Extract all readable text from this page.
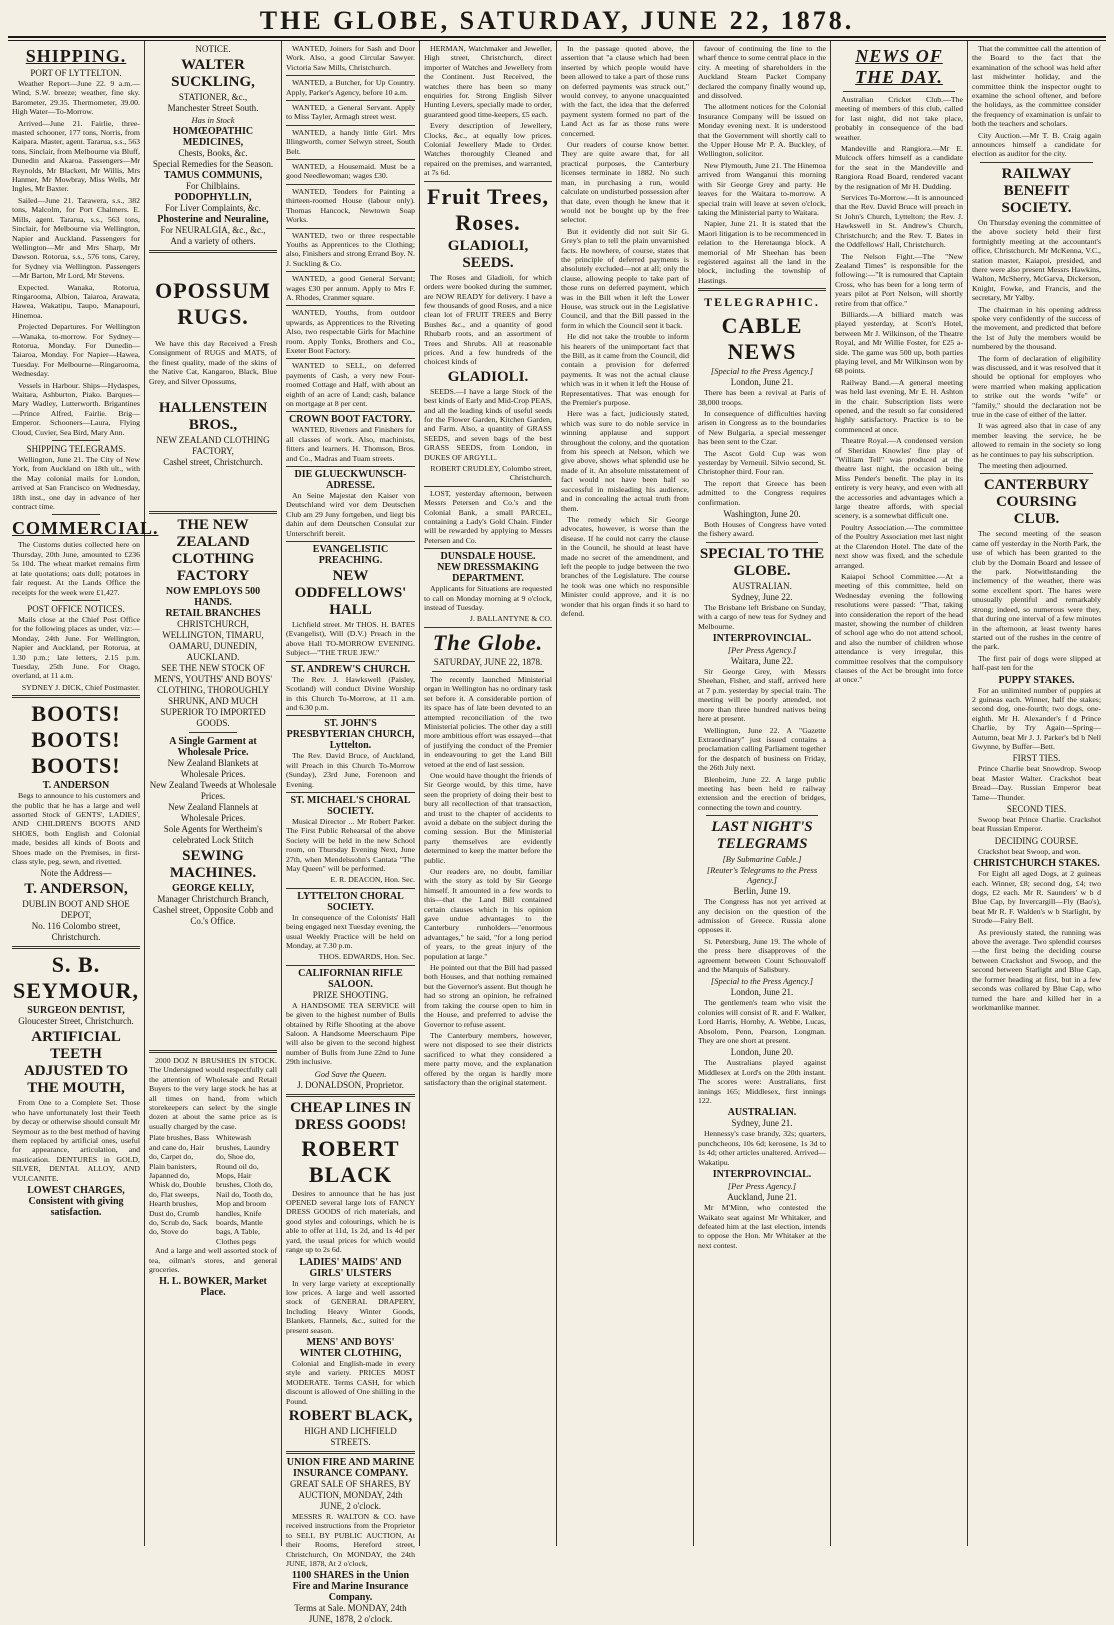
THE GLOBE, SATURDAY, JUNE 22, 1878.
SHIPPING.
PORT OF LYTTELTON.

Weather Report—June 22. 9 a.m.—Wind, S.W. breeze; weather, fine sky. Barometer, 29.35. Thermometer, 39.00. High Water—To-Morrow.

Arrived—June 21. Fairlie, three-masted schooner, 177 tons, Norris, from Kaipara. Master, agent. Tararua, s.s., 563 tons, Sinclair, from Melbourne via Bluff, Dunedin and Akaroa. Passengers—Mr Reynolds, Mr Blackett, Mr Willis, Mrs Hanmer, Mr Mowbray, Miss Wells, Mr Ingles, Mr Baxter.

Sailed—June 21. Tarawera, s.s., 382 tons, Malcolm, for Port Chalmers. E. Mills, agent. Tararua, s.s., 563 tons, Sinclair, for Melbourne via Wellington, Napier and Auckland. Passengers for Wellington—Mr and Mrs Sharp, Mr Dawson. Rotorua, s.s., 576 tons, Carey, for Sydney via Wellington. Passengers—Mr Barton, Mr Lord, Mr Stevens.

Expected. Wanaka, Rotorua, Ringarooma, Albion, Taiaroa, Arawata, Hawea, Wakatipu, Taupo, Manapouri, Hinemoa.

Projected Departures. For Wellington—Wanaka, to-morrow. For Sydney—Rotorua, Monday. For Dunedin—Taiaroa, Monday. For Napier—Hawea, Tuesday. For Melbourne—Ringarooma, Wednesday.

Vessels in Harbour. Ships—Hydaspes, Waitara, Ashburton, Piako. Barques—Mary Wadley, Lutterworth. Brigantines—Prince Alfred, Fairlie. Brig—Emperor. Schooners—Laura, Flying Cloud, Cuvier, Sea Bird, Mary Ann.

SHIPPING TELEGRAMS.

Wellington, June 21. The City of New York, from Auckland on 18th ult., with the May colonial mails for London, arrived at San Francisco on Wednesday, 18th inst., one day in advance of her contract time.

COMMERCIAL.

The Customs duties collected here on Thursday, 20th June, amounted to £236 5s 10d. The wheat market remains firm at late quotations; oats dull; potatoes in fair request. At the Lands Office the receipts for the week were £1,427.

POST OFFICE NOTICES.

Mails close at the Chief Post Office for the following places as under, viz:— Monday, 24th June. For Wellington, Napier and Auckland, per Rotorua, at 1.30 p.m.; late letters, 2.15 p.m. Tuesday, 25th June. For Otago, overland, at 11 a.m.

SYDNEY J. DICK, Chief Postmaster.

BOOTS! BOOTS! BOOTS!
T. ANDERSON

Begs to announce to his customers and the public that he has a large and well assorted Stock of GENTS', LADIES', AND CHILDREN'S BOOTS AND SHOES, both English and Colonial made, besides all kinds of Boots and Shoes made on the Premises, in first-class style, peg, sewn, and rivetted.

Note the Address—
T. ANDERSON,
DUBLIN BOOT AND SHOE DEPOT,
No. 116 Colombo street, Christchurch.
S. B. SEYMOUR,
SURGEON DENTIST,
Gloucester Street, Christchurch.
ARTIFICIAL TEETH ADJUSTED TO THE MOUTH,

From One to a Complete Set. Those who have unfortunately lost their Teeth by decay or otherwise should consult Mr Seymour as to the best method of having them replaced by artificial ones, useful for appearance, articulation, and mastication. DENTURES in GOLD, SILVER, DENTAL ALLOY, AND VULCANITE.

LOWEST CHARGES, Consistent with giving satisfaction.
NOTICE.
WALTER SUCKLING,
STATIONER, &c.,
Manchester Street South.
Has in Stock
HOMŒOPATHIC MEDICINES,
Chests, Books, &c.
Special Remedies for the Season.
TAMUS COMMUNIS,
For Chilblains.
PODOPHYLLIN,
For Liver Complaints, &c.
Phosterine and Neuraline,
For NEURALGIA, &c., &c.,
And a variety of others.
OPOSSUM RUGS.

We have this day Received a Fresh Consignment of RUGS and MATS, of the finest quality, made of the skins of the Native Cat, Kangaroo, Black, Blue Grey, and Silver Opossums,

HALLENSTEIN BROS.,
NEW ZEALAND CLOTHING FACTORY,
Cashel street, Christchurch.
THE NEW ZEALAND CLOTHING FACTORY
NOW EMPLOYS 500 HANDS.
RETAIL BRANCHES
CHRISTCHURCH, WELLINGTON, TIMARU, OAMARU, DUNEDIN, AUCKLAND.
SEE THE NEW STOCK OF MEN'S, YOUTHS' AND BOYS' CLOTHING, THOROUGHLY SHRUNK, AND MUCH SUPERIOR TO IMPORTED GOODS.
A Single Garment at Wholesale Price.
New Zealand Blankets at Wholesale Prices.
New Zealand Tweeds at Wholesale Prices.
New Zealand Flannels at Wholesale Prices.
Sole Agents for Wertheim's celebrated Lock Stitch
SEWING MACHINES.
GEORGE KELLY,
Manager Christchurch Branch,
Cashel street, Opposite Cobb and Co.'s Office.

2000 DOZ N BRUSHES IN STOCK. The Undersigned would respectfully call the attention of Wholesale and Retail Buyers to the very large stock he has at all times on hand, from which storekeepers can select by the single dozen at about the same price as is usually charged by the case.

Plate brushes, Bass and cane do, Hair do, Carpet do, Plain banisters, Japanned do, Whisk do, Double do, Flat sweeps, Hearth brushes, Dust do, Crumb do, Scrub do, Sack do, Stove do
Whitewash brushes, Laundry do, Shoe do, Round oil do, Mops, Hair brushes, Cloth do, Nail do, Tooth do, Mop and broom handles, Knife boards, Mantle bags, A Table, Clothes pegs

And a large and well assorted stock of tea, oilman's stores, and general groceries.

H. L. BOWKER, Market Place.

WANTED, Joiners for Sash and Door Work. Also, a good Circular Sawyer. Victoria Saw Mills, Christchurch.

WANTED, a Butcher, for Up Country. Apply, Parker's Agency, before 10 a.m.

WANTED, a General Servant. Apply to Miss Tayler, Armagh street west.

WANTED, a handy little Girl. Mrs Illingworth, corner Selwyn street, South Belt.

WANTED, a Housemaid. Must be a good Needlewoman; wages £30.

WANTED, Tenders for Painting a thirteen-roomed House (labour only). Thomas Hancock, Newtown Soap Works.

WANTED, two or three respectable Youths as Apprentices to the Clothing; also, Finishers and strong Errand Boy. N. J. Suckling & Co.

WANTED, a good General Servant; wages £30 per annum. Apply to Mrs F. A. Rhodes, Cranmer square.

WANTED, Youths, from outdoor upwards, as Apprentices to the Riveting Also, two respectable Girls for Machine room. Apply Tonks, Brothers and Co., Exeter Boot Factory.

WANTED to SELL, on deferred payments of Cash, a very new Four-roomed Cottage and Half, with about an eighth of an acre of Land; cash, balance on mortgage at 8 per cent.

CROWN BOOT FACTORY.

WANTED, Rivetters and Finishers for all classes of work. Also, machinists, fitters and learners. H. Thomson, Bros. and Co., Madras and Tuam streets.

DIE GLUECKWUNSCH-ADRESSE.

An Seine Majestat den Kaiser von Deutschland wird vor dem Deutschen Club am 29 Juny fortgeben, und liegt bis dahin auf dem Deutschen Consulat zur Unterschrift bereit.

EVANGELISTIC PREACHING.
NEW ODDFELLOWS' HALL

Lichfield street. Mr THOS. H. BATES (Evangelist), Will (D.V.) Preach in the above Hall TO-MORROW EVENING. Subject—"THE TRUE JEW."

ST. ANDREW'S CHURCH.

The Rev. J. Hawkswell (Paisley, Scotland) will conduct Divine Worship in this Church To-Morrow, at 11 a.m. and 6.30 p.m.

ST. JOHN'S PRESBYTERIAN CHURCH, Lyttelton.

The Rev. David Bruce, of Auckland, will Preach in this Church To-Morrow (Sunday), 23rd June, Forenoon and Evening.

ST. MICHAEL'S CHORAL SOCIETY.

Musical Director ... Mr Robert Parker. The First Public Rehearsal of the above Society will be held in the new School room, on Thursday Evening Next, June 27th, when Mendelssohn's Cantata "The May Queen" will be performed.

E. R. DEACON, Hon. Sec.

LYTTELTON CHORAL SOCIETY.

In consequence of the Colonists' Hall being engaged next Tuesday evening, the usual Weekly Practice will be held on Monday, at 7.30 p.m.

THOS. EDWARDS, Hon. Sec.

CALIFORNIAN RIFLE SALOON.
PRIZE SHOOTING.

A HANDSOME TEA SERVICE will be given to the highest number of Bulls obtained by Rifle Shooting at the above Saloon. A Handsome Meerschaum Pipe will also be given to the second highest number of Bulls from June 22nd to June 29th inclusive.

God Save the Queen.
J. DONALDSON, Proprietor.
CHEAP LINES IN DRESS GOODS!
ROBERT BLACK

Desires to announce that he has just OPENED several large lots of FANCY DRESS GOODS of rich materials, and good styles and colourings, which he is able to offer at 11d, 1s 2d, and 1s 4d per yard, the usual prices for which would range up to 2s 6d.

LADIES' MAIDS' AND GIRLS' ULSTERS

In very large variety at exceptionally low prices. A large and well assorted stock of GENERAL DRAPERY, Including Heavy Winter Goods, Blankets, Flannels, &c., suited for the present season.

MENS' AND BOYS' WINTER CLOTHING,

Colonial and English-made in every style and variety. PRICES MOST MODERATE. Terms CASH, for which discount is allowed of One shilling in the Pound.

ROBERT BLACK,
HIGH AND LICHFIELD STREETS.
UNION FIRE AND MARINE INSURANCE COMPANY.
GREAT SALE OF SHARES, BY AUCTION, MONDAY, 24th JUNE, 2 o'clock.

MESSRS R. WALTON & CO. have received instructions from the Proprietor to SELL BY PUBLIC AUCTION, At their Rooms, Hereford street, Christchurch, On MONDAY, the 24th JUNE, 1878, At 2 o'clock,

1100 SHARES in the Union Fire and Marine Insurance Company.
Terms at Sale. MONDAY, 24th JUNE, 1878, 2 o'clock.

HERMAN, Watchmaker and Jeweller, High street, Christchurch, direct importer of Watches and Jewellery from the Continent. Just Received, the watches there has been so many enquiries for. Strong English Silver Hunting Levers, specially made to order, guaranteed good time-keepers, £5 each.

Every description of Jewellery, Clocks, &c., at equally low prices. Colonial Jewellery Made to Order. Watches thoroughly Cleaned and repaired on the premises, and warranted, at 7s 6d.

Fruit Trees, Roses.
GLADIOLI, SEEDS.

The Roses and Gladioli, for which orders were booked during the summer, are NOW READY for delivery. I have a few thousands of good Roses, and a nice clean lot of FRUIT TREES and Berry Bushes &c., and a quantity of good Rhubarb roots, and an assortment of Trees and Shrubs. All at reasonable prices. And a few hundreds of the choicest kinds of

GLADIOLI.

SEEDS.—I have a large Stock of the best kinds of Early and Mid-Crop PEAS, and all the leading kinds of useful seeds for the Flower Garden, Kitchen Garden, and Farm. Also, a quantity of GRASS SEEDS, and seven bags of the best GRASS SEEDS, from London, in DUKES OF ARGYLL.

ROBERT CRUDLEY, Colombo street, Christchurch.

LOST, yesterday afternoon, between Messrs Petersen and Co.'s and the Colonial Bank, a small PARCEL, containing a Lady's Gold Chain. Finder will be rewarded by applying to Messrs Petersen and Co.

DUNSDALE HOUSE.
NEW DRESSMAKING DEPARTMENT.

Applicants for Situations are requested to call on Monday morning at 9 o'clock, instead of Tuesday.

J. BALLANTYNE & CO.

The Globe.
SATURDAY, JUNE 22, 1878.

The recently launched Ministerial organ in Wellington has no ordinary task set before it. A considerable portion of its space has of late been devoted to an attempted reconciliation of the two Ministerial policies. The other day a still more ambitious effort was essayed—that of justifying the conduct of the Premier in endeavouring to get the Land Bill vetoed at the end of last session.

One would have thought the friends of Sir George would, by this time, have seen the propriety of doing their best to bury all recollection of that transaction, and trust to the chapter of accidents to avoid a debate on the subject during the coming session. But the Ministerial party themselves are evidently determined to keep the matter before the public.

Our readers are, no doubt, familiar with the story as told by Sir George himself. It amounted in a few words to this—that the Land Bill contained certain clauses which in his opinion gave undue advantages to the Canterbury runholders—"enormous advantages," he said, "for a long period of years, to the great injury of the population at large."

He pointed out that the Bill had passed both Houses, and that nothing remained but the Governor's assent. But though he had so strong an opinion, he refrained from taking the course open to him in the House, and preferred to advise the Governor to refuse assent.

The Canterbury members, however, were not disposed to see their districts sacrificed to what they considered a mere party move, and the explanation offered by the organ is hardly more satisfactory than the original statement.

In the passage quoted above, the assertion that "a clause which had been inserted by which people would have been allowed to take a part of those runs on deferred payments was struck out," would convey, to anyone unacquainted with the fact, the idea that the deferred payment system formed no part of the Land Act as far as those runs were concerned.

Our readers of course know better. They are quite aware that, for all practical purposes, the Canterbury licenses terminate in 1882. No such man, in purchasing a run, would calculate on undisturbed possession after that date, even though he knew that it would not be bought up by the free selector.

But it evidently did not suit Sir G. Grey's plan to tell the plain unvarnished facts. He nowhere, of course, states that the principle of deferred payments is absolutely excluded—not at all; only the clause, allowing people to take part of those runs on deferred payment, which was in the Bill when it left the Lower House, was struck out in the Legislative Council, and that the Bill passed in the form in which the Council sent it back.

He did not take the trouble to inform his hearers of the unimportant fact that the Bill, as it came from the Council, did contain a provision for deferred payments. It was not the actual clause which was in it when it left the House of Representatives. That was enough for the Premier's purpose.

Here was a fact, judiciously stated, which was sure to do noble service in winning applause and support throughout the colony, and the quotation from his speech at Nelson, which we give above, shows what splendid use he made of it. An absolute misstatement of fact would not have been half so successful in misleading his audience, and in concealing the actual truth from them.

The remedy which Sir George advocates, however, is worse than the disease. If he could not carry the clause in the Council, he should at least have made no secret of the amendment, and left the people to judge between the two branches of the Legislature. The course he took was one which no responsible Minister could approve, and it is no wonder that his organ finds it so hard to defend.

favour of continuing the line to the wharf thence to some central place in the city. A meeting of shareholders in the Auckland Steam Packet Company declared the company finally wound up, and dissolved.

The allotment notices for the Colonial Insurance Company will be issued on Monday evening next. It is understood that the Government will shortly call to the Upper House Mr P. A. Buckley, of Wellington, solicitor.

New Plymouth, June 21. The Hinemoa arrived from Wanganui this morning with Sir George Grey and party. He leaves for the Waitara to-morrow. A special train will leave at seven o'clock, taking the Ministerial party to Waitara.

Napier, June 21. It is stated that the Maori litigation is to be recommenced in relation to the Heretaunga block. A memorial of Mr Sheehan has been registered against all the land in the block, including the township of Hastings.

TELEGRAPHIC.
CABLE NEWS
[Special to the Press Agency.]
London, June 21.

There has been a revival at Paris of 38,000 troops.

In consequence of difficulties having arisen in Congress as to the boundaries of New Bulgaria, a special messenger has been sent to the Czar.

The Ascot Gold Cup was won yesterday by Verneuil. Silvio second, St. Christopher third. Four ran.

The report that Greece has been admitted to the Congress requires confirmation.

Washington, June 20.

Both Houses of Congress have voted the fishery award.

SPECIAL TO THE GLOBE.
AUSTRALIAN.
Sydney, June 22.

The Brisbane left Brisbane on Sunday, with a cargo of new teas for Sydney and Melbourne.

INTERPROVINCIAL.
[Per Press Agency.]
Waitara, June 22.

Sir George Grey, with Messrs Sheehan, Fisher, and staff, arrived here at 7 p.m. yesterday by special train. The meeting will be poorly attended, not more than three hundred natives being here at present.

Wellington, June 22. A "Gazette Extraordinary" just issued contains a proclamation calling Parliament together for the despatch of business on Friday, the 26th July next.

Blenheim, June 22. A large public meeting has been held re railway extension and the erection of bridges, connecting the town and country.

LAST NIGHT'S TELEGRAMS
[By Submarine Cable.]
[Reuter's Telegrams to the Press Agency.]
Berlin, June 19.

The Congress has not yet arrived at any decision on the question of the admission of Greece. Russia alone opposes it.

St. Petersburg, June 19. The whole of the press here disapproves of the agreement between Count Schouvaloff and the Marquis of Salisbury.

[Special to the Press Agency.]
London, June 21.

The gentlemen's team who visit the colonies will consist of R. and F. Walker, Lord Harris, Hornby, A. Webbe, Lucas, Absolom, Penn, Pearson, Longman. They are one short at present.

London, June 20.

The Australians played against Middlesex at Lord's on the 20th instant. The scores were: Australians, first innings 165; Middlesex, first innings 122.

AUSTRALIAN.
Sydney, June 21.

Hennessy's case brandy, 32s; quarters, punchcheons, 10s 6d; kerosene, 1s 3d to 1s 4d; other articles unaltered. Arrived—Wakatipu.

INTERPROVINCIAL.
[Per Press Agency.]
Auckland, June 21.

Mr M'Minn, who contested the Waikato seat against Mr Whitaker, and defeated him at the last election, intends to oppose the Hon. Mr Whitaker at the next contest.

NEWS OF THE DAY.

Australian Cricket Club.—The meeting of members of this club, called for last night, did not take place, probably in consequence of the bad weather.

Mandeville and Rangiora.—Mr E. Mulcock offers himself as a candidate for the seat in the Mandeville and Rangiora Road Board, rendered vacant by the resignation of Mr H. Dudding.

Services To-Morrow.—It is announced that the Rev. David Bruce will preach in St John's Church, Lyttelton; the Rev. J. Hawkswell in St. Andrew's Church, Christchurch; and the Rev. T. Bates in the Oddfellows' Hall, Christchurch.

The Nelson Fight.—The "New Zealand Times" is responsible for the following:—"It is rumoured that Captain Cross, who has been for a long term of years pilot at Port Nelson, will shortly retire from that office."

Billiards.—A billiard match was played yesterday, at Scott's Hotel, between Mr J. Wilkinson, of the Theatre Royal, and Mr Willie Foster, for £25 a-side. The game was 500 up, both parties playing level, and Mr Wilkinson won by 68 points.

Railway Band.—A general meeting was held last evening, Mr E. H. Ashton in the chair. Subscription lists were opened, and the result so far considered highly satisfactory. Practice is to be commenced at once.

Theatre Royal.—A condensed version of Sheridan Knowles' fine play of "William Tell" was produced at the theatre last night, the occasion being Miss Pender's benefit. The play in its entirety is very heavy, and even with all the accessories and advantages which a large theatre affords, with special scenery, is a somewhat difficult one.

Poultry Association.—The committee of the Poultry Association met last night at the Clarendon Hotel. The date of the next show was fixed, and the schedule arranged.

Kaiapoi School Committee.—At a meeting of this committee, held on Wednesday evening the following resolutions were passed: "That, taking into consideration the report of the head master, showing the number of children of school age who do not attend school, and also the number of children whose attendance is very irregular, this committee resolves that the compulsory clauses of the Act be brought into force at once."

That the committee call the attention of the Board to the fact that the examination of the school was held after last midwinter holiday, and the committee think the inspector ought to examine the school oftener, and before the holidays, as the committee consider the frequency of examination is unfair to both the teachers and scholars.

City Auction.—Mr T. B. Craig again announces himself a candidate for election as auditor for the city.

RAILWAY BENEFIT SOCIETY.

On Thursday evening the committee of the above society held their first fortnightly meeting at the accountant's office, Christchurch. Mr McKenna, V.C., station master, Kaiapoi, presided, and there were also present Messrs Hawkins, Walton, McSherry, McGarva, Dickerson, Knight, Fowke, and Francis, and the secretary, Mr Yalby.

The chairman in his opening address spoke very confidently of the success of the movement, and predicted that before the 1st of July the members would be numbered by the thousand.

The form of declaration of eligibility was discussed, and it was resolved that it should be optional for employes who were married when making application to strike out the words "wife" or "family," should the declaration not be true in the case of either of the latter.

It was agreed also that in case of any member leaving the service, he be allowed to remain in the society so long as he continues to pay his subscription.

The meeting then adjourned.

CANTERBURY COURSING CLUB.

The second meeting of the season came off yesterday in the North Park, the use of which has been granted to the club by the Domain Board and lessee of the park. Notwithstanding the inclemency of the weather, there was some excellent sport. The hares were unusually plentiful and remarkably strong; indeed, so numerous were they, that during one interval of a few minutes in the afternoon, at least twenty hares started out of the rushes in the centre of the park.

The first pair of dogs were slipped at half-past ten for the

PUPPY STAKES.

For an unlimited number of puppies at 2 guineas each. Winner, half the stakes; second dog, one-fourth; two dogs, one-eighth. Mr H. Alexander's f d Prince Charlie, by Try Again—Spring—Autumn, beat Mr J. J. Parker's bd b Nell Gwynne, by Buffer—Bett.

FIRST TIES.

Prince Charlie beat Snowdrop. Swoop beat Master Walter. Crackshot beat Bread—Day. Russian Emperor beat Tame—Thunder.

SECOND TIES.

Swoop beat Prince Charlie. Crackshot beat Russian Emperor.

DECIDING COURSE.

Crackshot beat Swoop, and won.

CHRISTCHURCH STAKES.

For Eight all aged Dogs, at 2 guineas each. Winner, £8; second dog, £4; two dogs, £2 each. Mr R. Saunders' w b d Blue Cap, by Invercargill—Fly (Bao's), beat Mr R. F. Walden's w b Starlight, by Strode—Fairy Bell.

As previously stated, the running was above the average. Two splendid courses—the first being the deciding course between Crackshot and Swoop, and the second between Starlight and Blue Cap, the former heading at first, but in a few seconds was collared by Blue Cap, who turned the hare and killed her in a workmanlike manner.
